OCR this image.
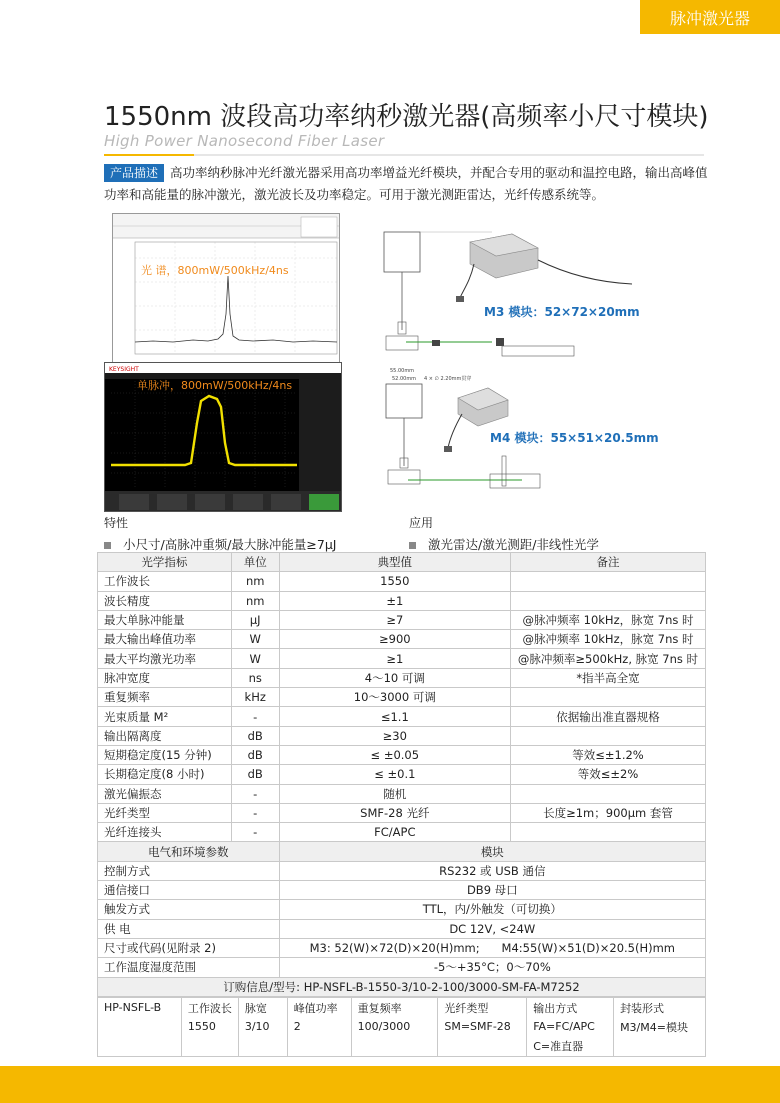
脉冲激光器
1550nm 波段高功率纳秒激光器(高频率小尺寸模块)
High Power Nanosecond Fiber Laser
产品描述 高功率纳秒脉冲光纤激光器采用高功率增益光纤模块，并配合专用的驱动和温控电路，输出高峰值功率和高能量的脉冲激光，激光波长及功率稳定。可用于激光测距雷达，光纤传感系统等。
光 谱，800mW/500kHz/4ns
KEYSIGHT
单脉冲，800mW/500kHz/4ns
M3 模块：52×72×20mm
55.00mm
52.00mm 4 × ∅ 2.20mm贯穿
M4 模块：55×51×20.5mm
特性	应用
小尺寸/高脉冲重频/最大脉冲能量≥7μJ	激光雷达/激光测距/非线性光学
光学指标	单位	典型值	备注
工作波长	nm	1550	
波长精度	nm	±1	
最大单脉冲能量	μJ	≥7	@脉冲频率 10kHz，脉宽 7ns 时
最大输出峰值功率	W	≥900	@脉冲频率 10kHz，脉宽 7ns 时
最大平均激光功率	W	≥1	@脉冲频率≥500kHz, 脉宽 7ns 时
脉冲宽度	ns	4～10 可调	*指半高全宽
重复频率	kHz	10～3000 可调	
光束质量 M²	-	≤1.1	依据输出准直器规格
输出隔离度	dB	≥30	
短期稳定度(15 分钟)	dB	≤ ±0.05	等效≤±1.2%
长期稳定度(8 小时)	dB	≤ ±0.1	等效≤±2%
激光偏振态	-	随机	
光纤类型	-	SMF-28 光纤	长度≥1m；900μm 套管
光纤连接头	-	FC/APC	
电气和环境参数		模块	
控制方式		RS232 或 USB 通信	
通信接口		DB9 母口	
触发方式		TTL，内/外触发（可切换）	
供 电		DC 12V, <24W	
尺寸或代码(见附录 2)		M3: 52(W)×72(D)×20(H)mm;      M4:55(W)×51(D)×20.5(H)mm	
工作温度湿度范围		-5～+35°C；0～70%	
订购信息/型号: HP-NSFL-B-1550-3/10-2-100/3000-SM-FA-M7252
HP-NSFL-B	工作波长	脉宽	峰值功率	重复频率	光纤类型	输出方式	封装形式
	1550	3/10	2	100/3000	SM=SMF-28	FA=FC/APC	M3/M4=模块
						C=准直器	
